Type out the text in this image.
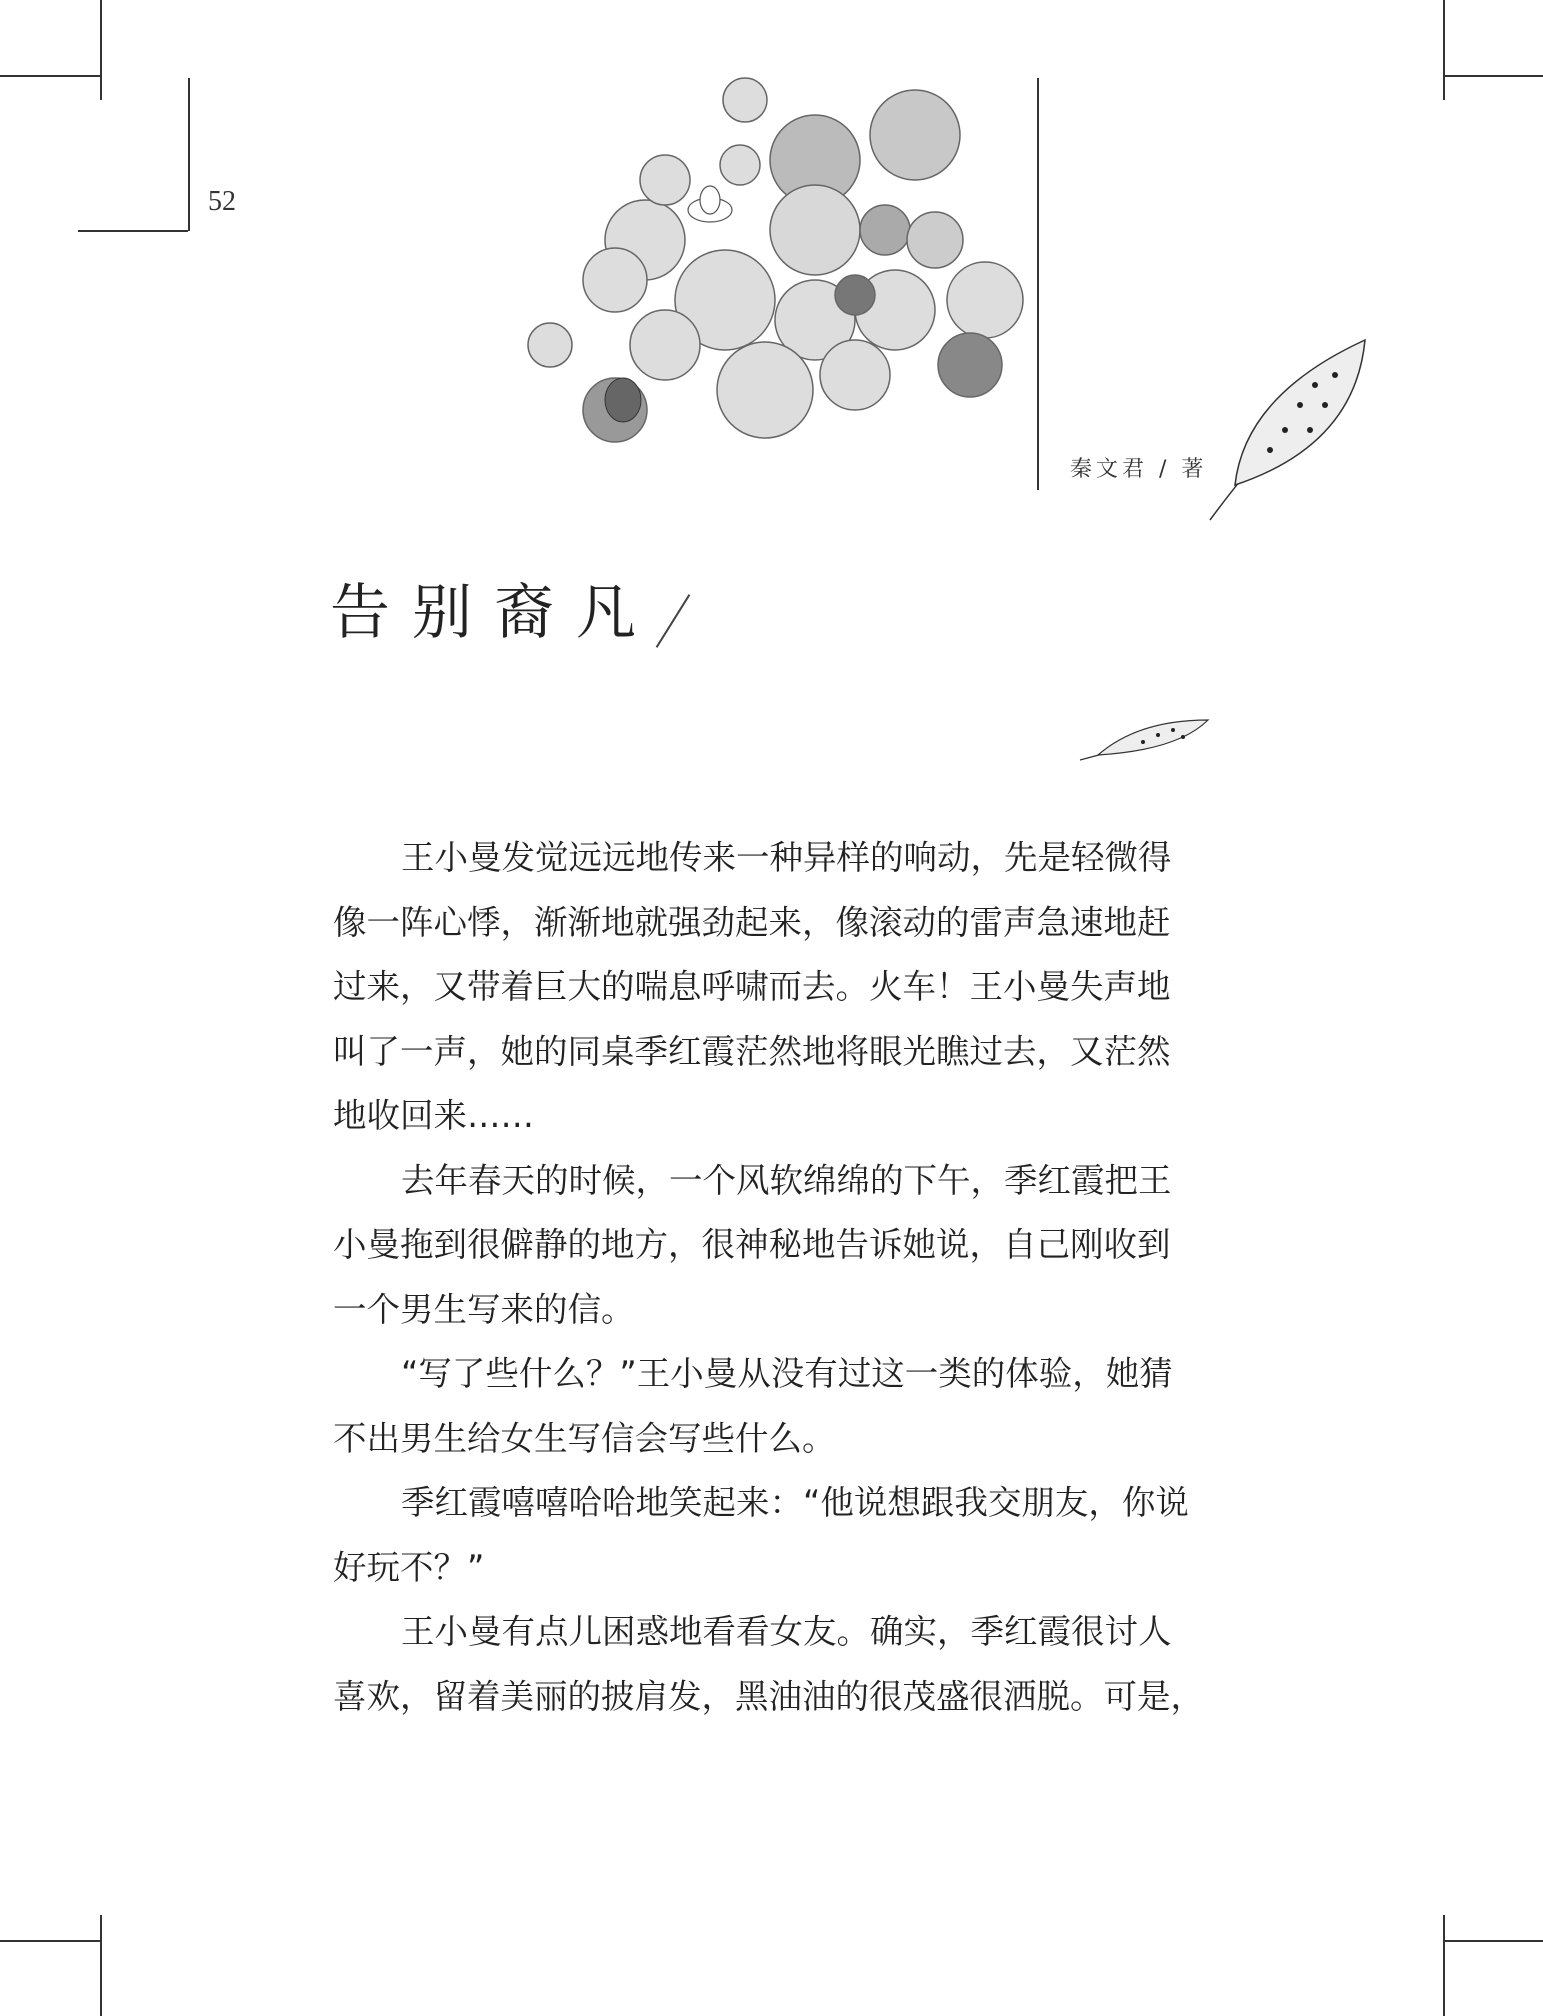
52
秦文君 / 著
告别裔凡
王小曼发觉远远地传来一种异样的响动，先是轻微得
像一阵心悸，渐渐地就强劲起来，像滚动的雷声急速地赶
过来，又带着巨大的喘息呼啸而去。火车！王小曼失声地
叫了一声，她的同桌季红霞茫然地将眼光瞧过去，又茫然
地收回来……
去年春天的时候，一个风软绵绵的下午，季红霞把王
小曼拖到很僻静的地方，很神秘地告诉她说，自己刚收到
一个男生写来的信。
“写了些什么？”王小曼从没有过这一类的体验，她猜
不出男生给女生写信会写些什么。
季红霞嘻嘻哈哈地笑起来：“他说想跟我交朋友，你说
好玩不？”
王小曼有点儿困惑地看看女友。确实，季红霞很讨人
喜欢，留着美丽的披肩发，黑油油的很茂盛很洒脱。可是，
